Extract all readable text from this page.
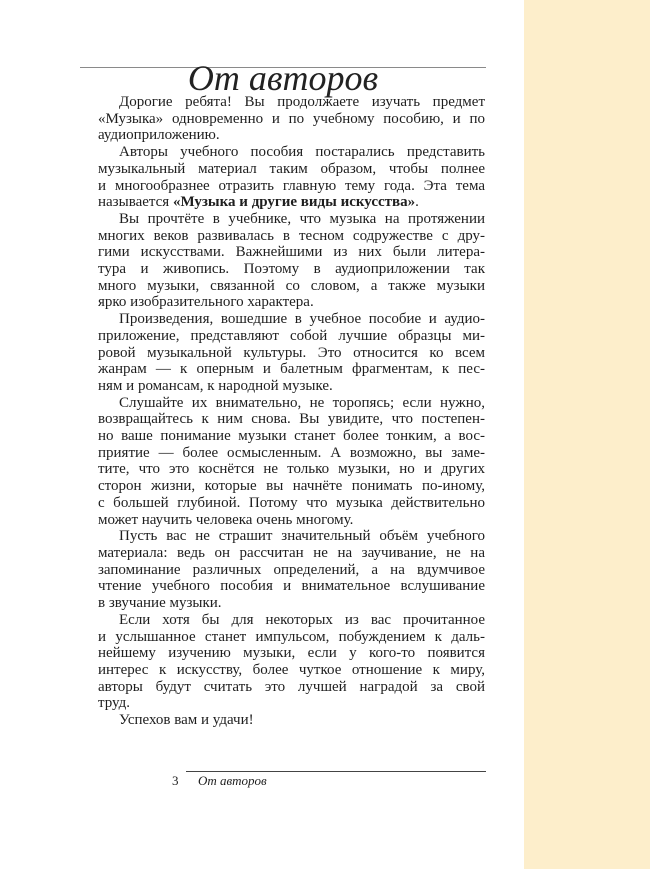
От авторов
Дорогие ребята! Вы продолжаете изучать предмет
«Музыка» одновременно и по учебному пособию, и по
аудиоприложению.
Авторы учебного пособия постарались представить
музыкальный материал таким образом, чтобы полнее
и многообразнее отразить главную тему года. Эта тема
называется «Музыка и другие виды искусства».
Вы прочтёте в учебнике, что музыка на протяжении
многих веков развивалась в тесном содружестве с дру-
гими искусствами. Важнейшими из них были литера-
тура и живопись. Поэтому в аудиоприложении так
много музыки, связанной со словом, а также музыки
ярко изобразительного характера.
Произведения, вошедшие в учебное пособие и аудио-
приложение, представляют собой лучшие образцы ми-
ровой музыкальной культуры. Это относится ко всем
жанрам — к оперным и балетным фрагментам, к пес-
ням и романсам, к народной музыке.
Слушайте их внимательно, не торопясь; если нужно,
возвращайтесь к ним снова. Вы увидите, что постепен-
но ваше понимание музыки станет более тонким, а вос-
приятие — более осмысленным. А возможно, вы заме-
тите, что это коснётся не только музыки, но и других
сторон жизни, которые вы начнёте понимать по-иному,
с большей глубиной. Потому что музыка действительно
может научить человека очень многому.
Пусть вас не страшит значительный объём учебного
материала: ведь он рассчитан не на заучивание, не на
запоминание различных определений, а на вдумчивое
чтение учебного пособия и внимательное вслушивание
в звучание музыки.
Если хотя бы для некоторых из вас прочитанное
и услышанное станет импульсом, побуждением к даль-
нейшему изучению музыки, если у кого-то появится
интерес к искусству, более чуткое отношение к миру,
авторы будут считать это лучшей наградой за свой
труд.
Успехов вам и удачи!
3 От авторов
